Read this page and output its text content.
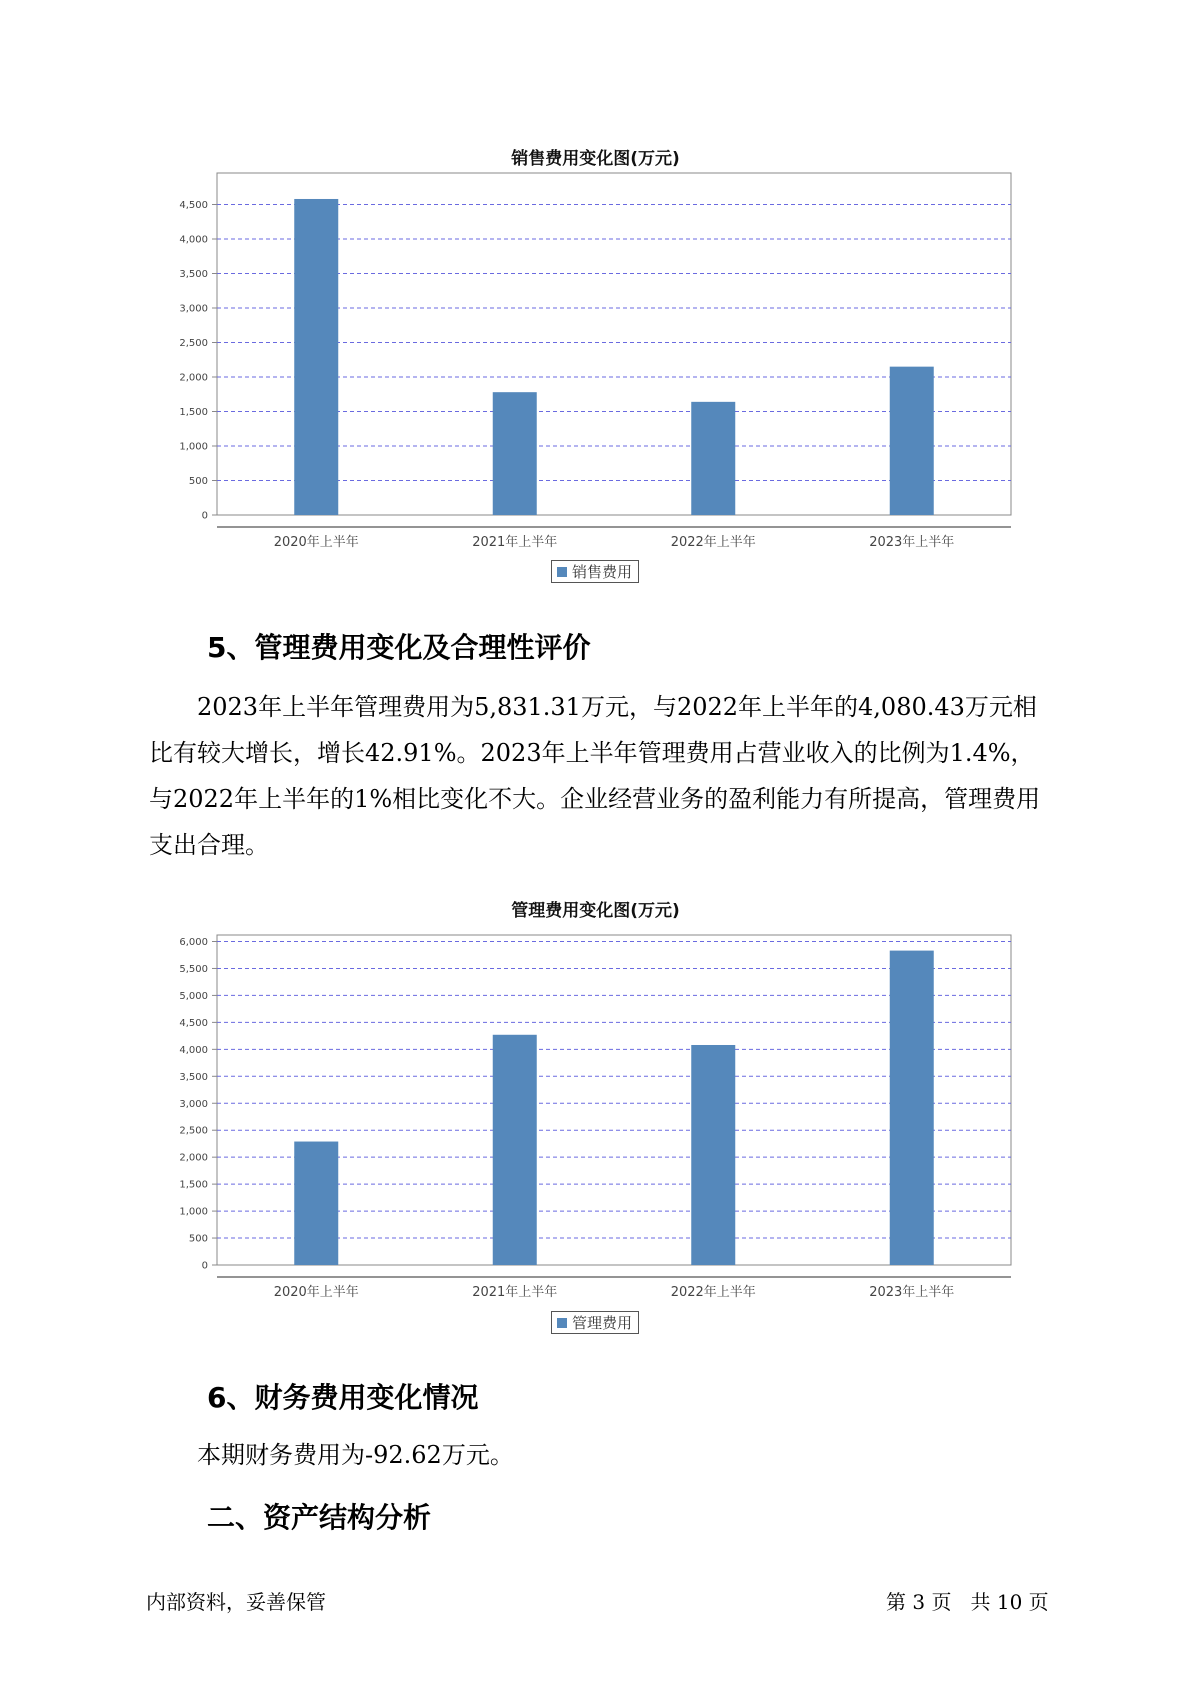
销售费用变化图(万元)
0
500
1,000
1,500
2,000
2,500
3,000
3,500
4,000
4,500
2020年上半年	2021年上半年	2022年上半年	2023年上半年
销售费用
5、管理费用变化及合理性评价

2023年上半年管理费用为5,831.31万元，与2022年上半年的4,080.43万元相比有较大增长，增长42.91%。2023年上半年管理费用占营业收入的比例为1.4%，与2022年上半年的1%相比变化不大。企业经营业务的盈利能力有所提高，管理费用支出合理。

管理费用变化图(万元)
0
500
1,000
1,500
2,000
2,500
3,000
3,500
4,000
4,500
5,000
5,500
6,000
2020年上半年	2021年上半年	2022年上半年	2023年上半年
管理费用
6、财务费用变化情况

本期财务费用为-92.62万元。

二、资产结构分析
内部资料，妥善保管	第 3 页   共 10 页
